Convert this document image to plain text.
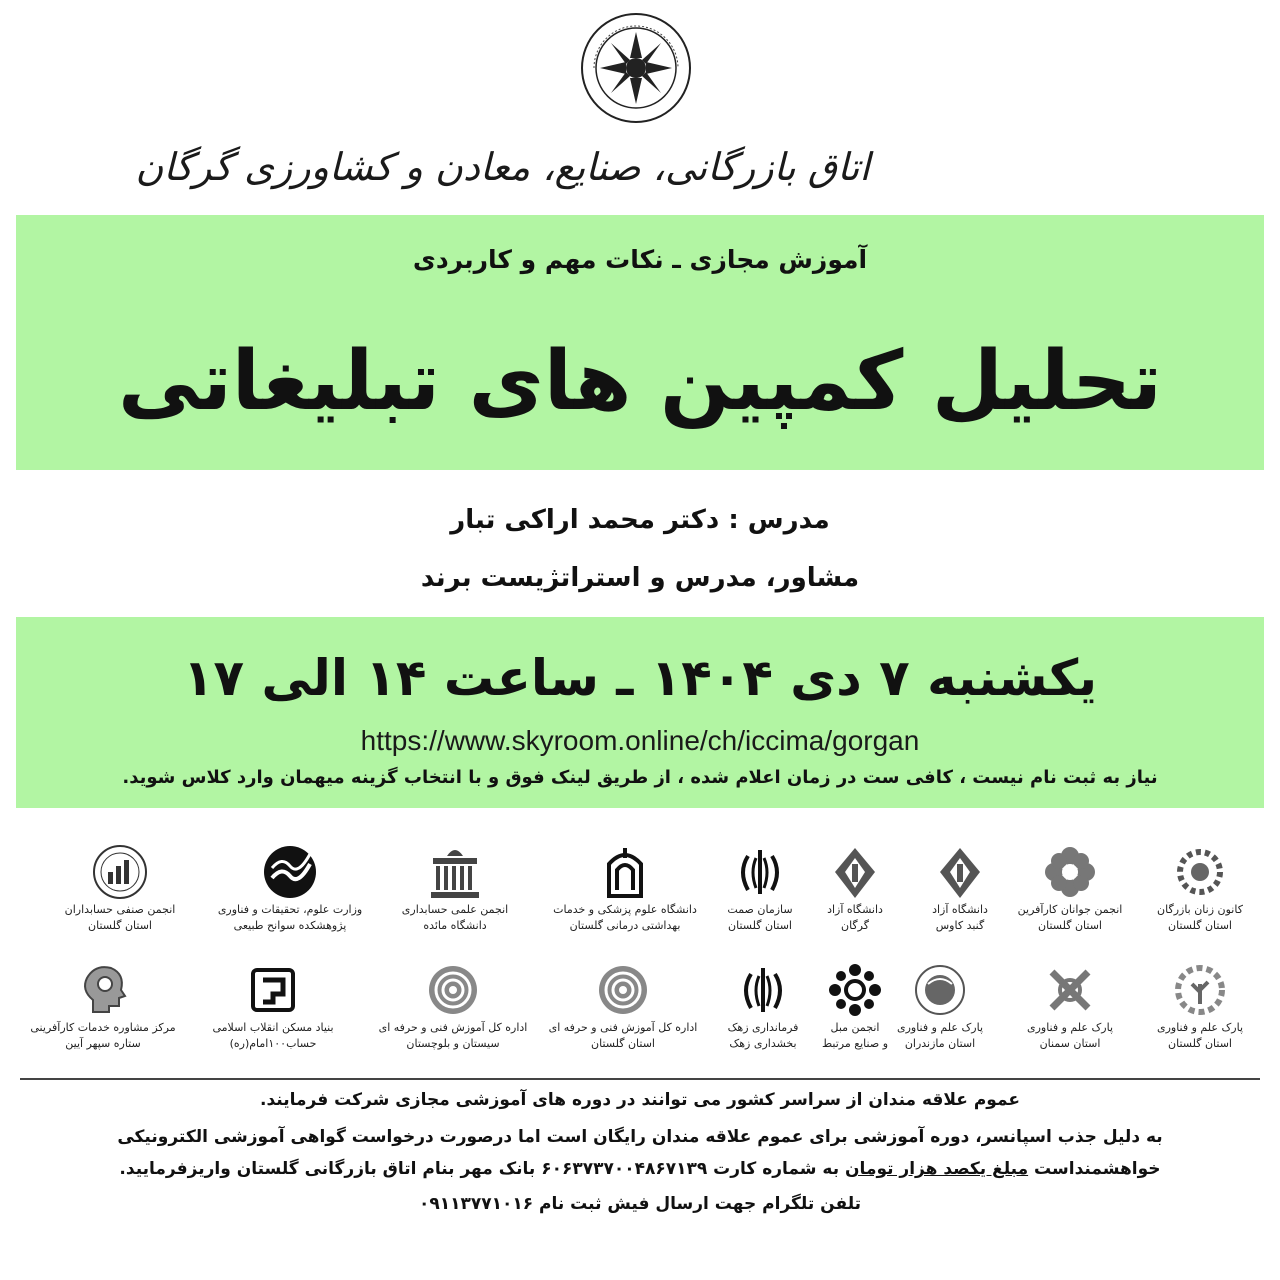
اتاق بازرگانی، صنایع، معادن و کشاورزی گرگان
آموزش مجازی ـ نکات مهم و کاربردی
تحلیل کمپین های تبلیغاتی
مدرس : دکتر محمد اراکی تبار
مشاور، مدرس و استراتژیست برند
یکشنبه ۷ دی ۱۴۰۴ ـ ساعت ۱۴ الی ۱۷
https://www.skyroom.online/ch/iccima/gorgan
نیاز به ثبت نام نیست ، کافی ست در زمان اعلام شده ، از طریق لینک فوق و با انتخاب گزینه میهمان وارد کلاس شوید.
کانون زنان بازرگان
استان گلستان
انجمن جوانان کارآفرین
استان گلستان
دانشگاه آزاد
گنبد کاوس
دانشگاه آزاد
گرگان
سازمان صمت
استان گلستان
دانشگاه علوم پزشکی و خدمات
بهداشتی درمانی گلستان
انجمن علمی حسابداری
دانشگاه مائده
وزارت علوم، تحقیقات و فناوری
پژوهشکده سوانح طبیعی
انجمن صنفی حسابداران
استان گلستان
پارک علم و فناوری
استان گلستان
پارک علم و فناوری
استان سمنان
پارک علم و فناوری
استان مازندران
انجمن مبل
و صنایع مرتبط
فرمانداری زهک
بخشداری زهک
اداره کل آموزش فنی و حرفه ای
استان گلستان
اداره کل آموزش فنی و حرفه ای
سیستان و بلوچستان
بنیاد مسکن انقلاب اسلامی
حساب۱۰۰امام(ره)
مرکز مشاوره خدمات کارآفرینی
ستاره سپهر آیین
عموم علاقه مندان از سراسر کشور می توانند در دوره های آموزشی مجازی شرکت فرمایند.
به دلیل جذب اسپانسر، دوره آموزشی برای عموم علاقه مندان رایگان است اما درصورت درخواست گواهی آموزشی الکترونیکی
خواهشمنداست مبلغ یکصد هزار تومان به شماره کارت ۶۰۶۳۷۳۷۰۰۴۸۶۷۱۳۹ بانک مهر بنام اتاق بازرگانی گلستان واریزفرمایید.
تلفن تلگرام جهت ارسال فیش ثبت نام ۰۹۱۱۳۷۷۱۰۱۶
